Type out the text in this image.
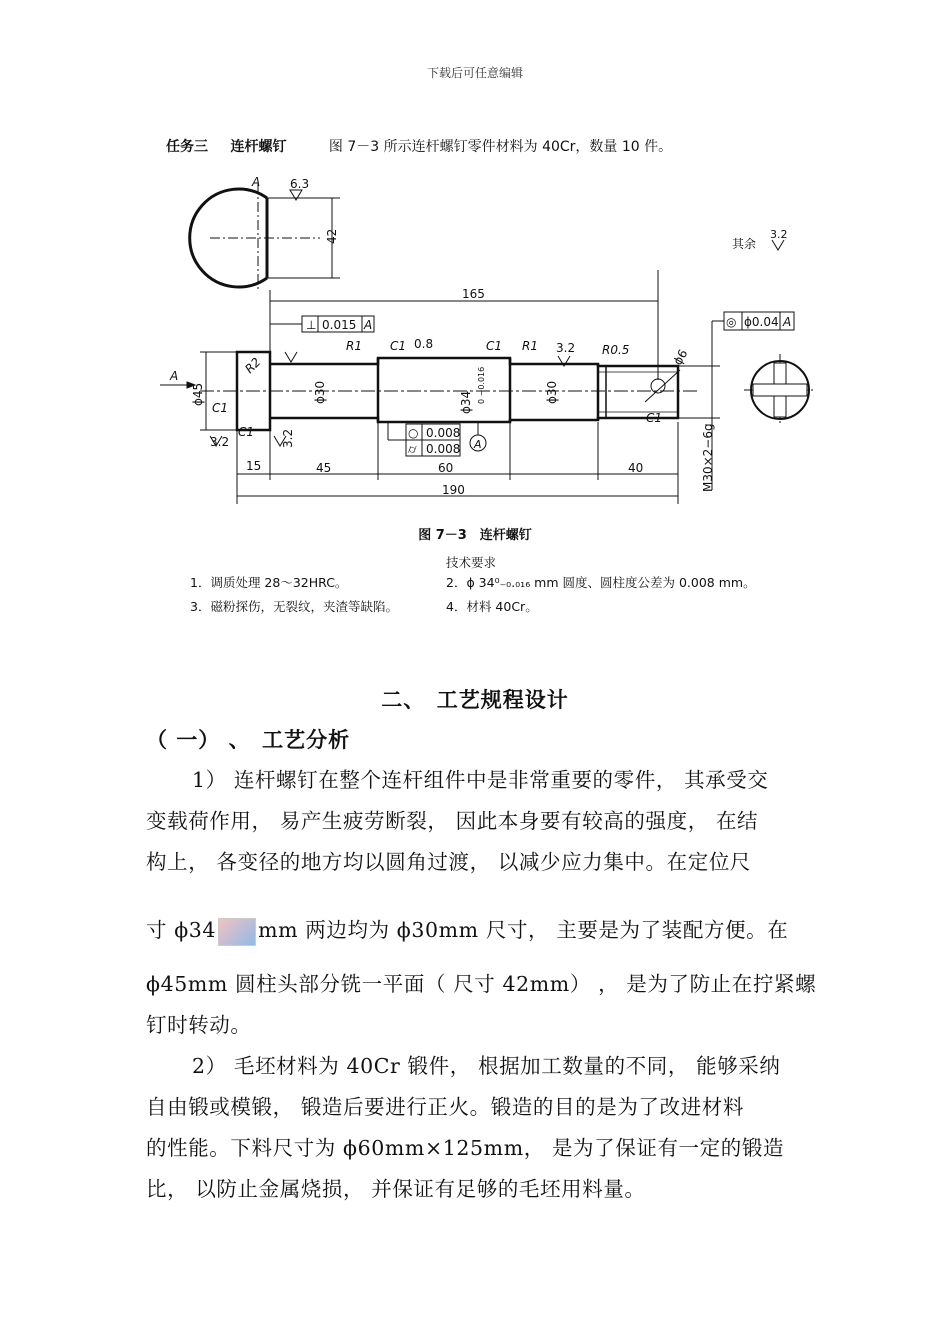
下载后可任意编辑
任务三 连杆螺钉	图 7－3 所示连杆螺钉零件材料为 40Cr，数量 10 件。
A 6.3
42	其余
3.2
165
⊥ 0.015 A	◎ ϕ0.04 A
R2
R1 C1 0.8	C1 R1 3.2 R0.5	ϕ6
A
ϕ45	ϕ30	ϕ34 0 −0.016	ϕ30
C1
C1
C1
3.2	3.2	○ 0.008
⌭ 0.008 A	M30×2−6g
15	45	60	40
190
图 7－3　连杆螺钉
技术要求
1．调质处理 28～32HRC。	2．ϕ 34⁰₋₀.₀₁₆ mm 圆度、圆柱度公差为 0.008 mm。
3．磁粉探伤，无裂纹，夹渣等缺陷。	4．材料 40Cr。
二、　工艺规程设计
（ 一） 、　工艺分析
1） 连杆螺钉在整个连杆组件中是非常重要的零件， 其承受交
变载荷作用， 易产生疲劳断裂， 因此本身要有较高的强度， 在结
构上， 各变径的地方均以圆角过渡， 以减少应力集中。在定位尺
寸 ϕ34 mm 两边均为 ϕ30mm 尺寸， 主要是为了装配方便。在
ϕ45mm 圆柱头部分铣一平面（ 尺寸 42mm） ， 是为了防止在拧紧螺
钉时转动。
2） 毛坯材料为 40Cr 锻件， 根据加工数量的不同， 能够采纳
自由锻或模锻， 锻造后要进行正火。锻造的目的是为了改进材料
的性能。下料尺寸为 ϕ60mm×125mm， 是为了保证有一定的锻造
比， 以防止金属烧损， 并保证有足够的毛坯用料量。
